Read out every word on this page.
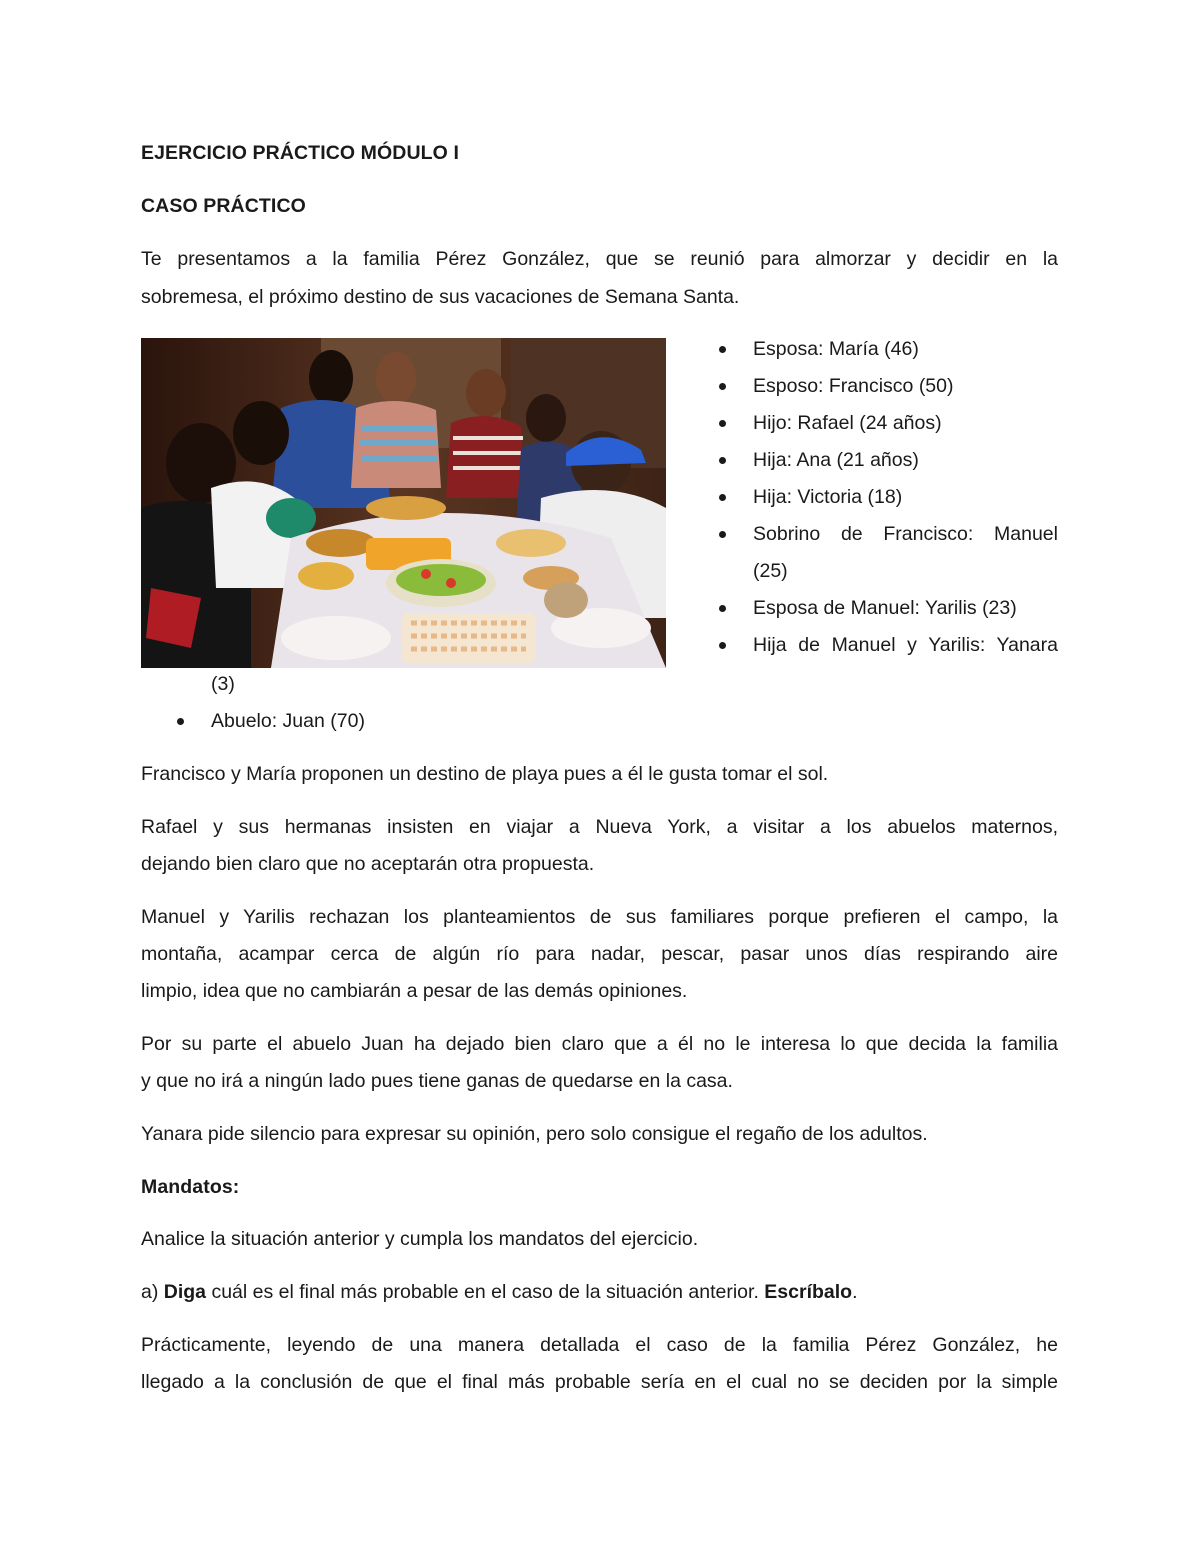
EJERCICIO PRÁCTICO MÓDULO I

CASO PRÁCTICO

Te presentamos a la familia Pérez González, que se reunió para almorzar y decidir en la

sobremesa, el próximo destino de sus vacaciones de Semana Santa.

Esposa: María (46)
Esposo: Francisco (50)
Hijo: Rafael (24 años)
Hija: Ana (21 años)
Hija: Victoria (18)
Sobrino de Francisco: Manuel
(25)
Esposa de Manuel: Yarilis (23)
Hija de Manuel y Yarilis: Yanara

(3)

Abuelo: Juan (70)

Francisco y María proponen un destino de playa pues a él le gusta tomar el sol.

Rafael y sus hermanas insisten en viajar a Nueva York, a visitar a los abuelos maternos,

dejando bien claro que no aceptarán otra propuesta.

Manuel y Yarilis rechazan los planteamientos de sus familiares porque prefieren el campo, la

montaña, acampar cerca de algún río para nadar, pescar, pasar unos días respirando aire

limpio, idea que no cambiarán a pesar de las demás opiniones.

Por su parte el abuelo Juan ha dejado bien claro que a él no le interesa lo que decida la familia

y que no irá a ningún lado pues tiene ganas de quedarse en la casa.

Yanara pide silencio para expresar su opinión, pero solo consigue el regaño de los adultos.

Mandatos:

Analice la situación anterior y cumpla los mandatos del ejercicio.

a) Diga cuál es el final más probable en el caso de la situación anterior. Escríbalo.

Prácticamente, leyendo de una manera detallada el caso de la familia Pérez González, he

llegado a la conclusión de que el final más probable sería en el cual no se deciden por la simple
